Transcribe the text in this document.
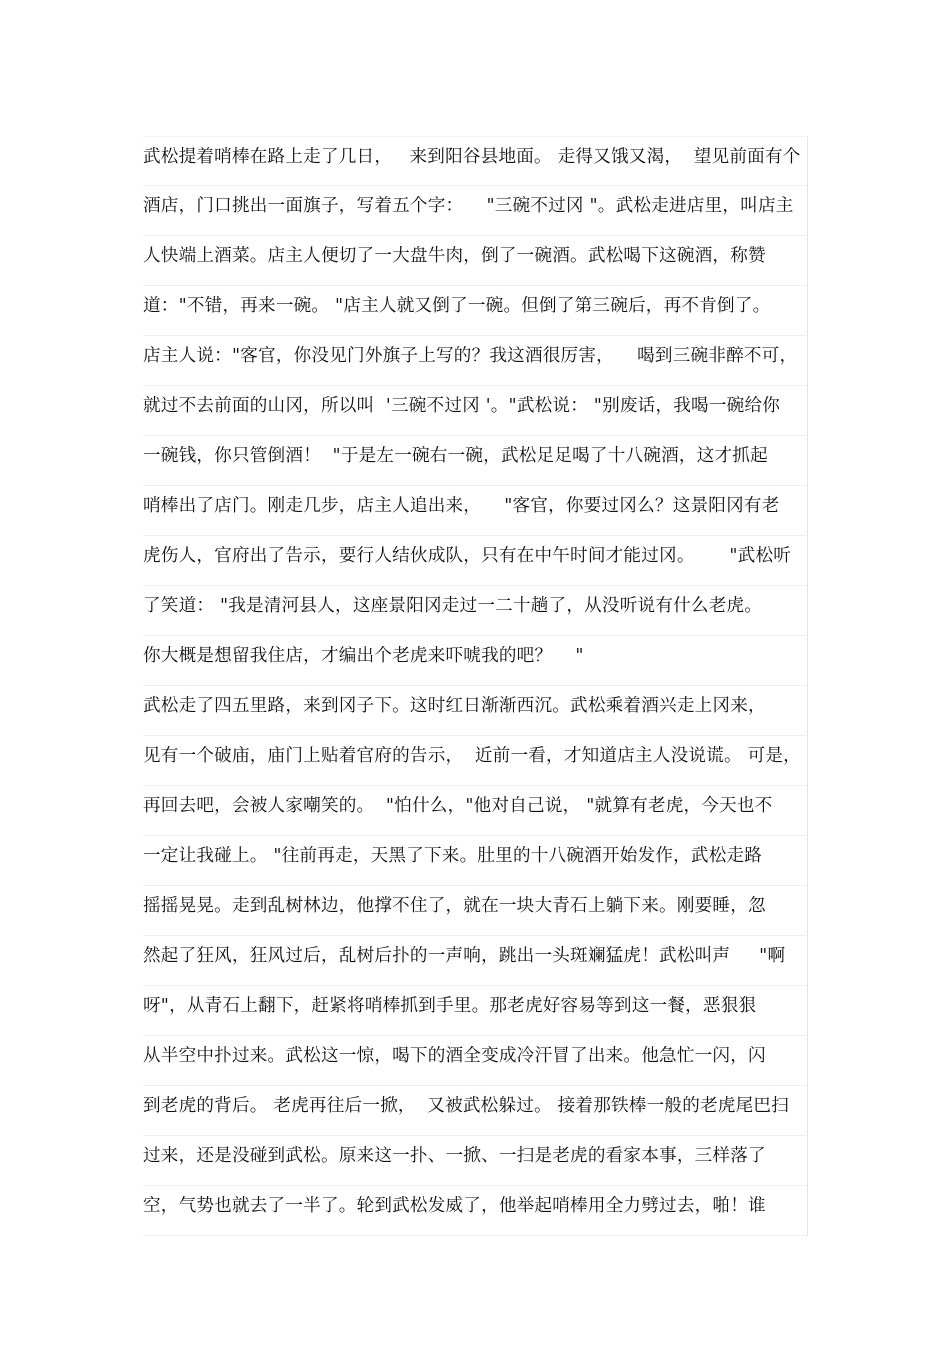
武松提着哨棒在路上走了几日，   来到阳谷县地面。 走得又饿又渴，  望见前面有个
酒店，门口挑出一面旗子，写着五个字：    "三碗不过冈 "。武松走进店里，叫店主
人快端上酒菜。店主人便切了一大盘牛肉，倒了一碗酒。武松喝下这碗酒，称赞
道："不错，再来一碗。 "店主人就又倒了一碗。但倒了第三碗后，再不肯倒了。
店主人说："客官，你没见门外旗子上写的？我这酒很厉害，    喝到三碗非醉不可，
就过不去前面的山冈，所以叫  '三碗不过冈 '。"武松说： "别废话，我喝一碗给你
一碗钱，你只管倒酒！  "于是左一碗右一碗，武松足足喝了十八碗酒，这才抓起
哨棒出了店门。刚走几步，店主人追出来，    "客官，你要过冈么？这景阳冈有老
虎伤人，官府出了告示，要行人结伙成队，只有在中午时间才能过冈。      "武松听
了笑道： "我是清河县人，这座景阳冈走过一二十趟了，从没听说有什么老虎。
你大概是想留我住店，才编出个老虎来吓唬我的吧？    "
武松走了四五里路，来到冈子下。这时红日渐渐西沉。武松乘着酒兴走上冈来，
见有一个破庙，庙门上贴着官府的告示，  近前一看，才知道店主人没说谎。 可是，
再回去吧，会被人家嘲笑的。  "怕什么，"他对自己说， "就算有老虎，今天也不
一定让我碰上。 "往前再走，天黑了下来。肚里的十八碗酒开始发作，武松走路
摇摇晃晃。走到乱树林边，他撑不住了，就在一块大青石上躺下来。刚要睡，忽
然起了狂风，狂风过后，乱树后扑的一声响，跳出一头斑斓猛虎！武松叫声     "啊
呀"，从青石上翻下，赶紧将哨棒抓到手里。那老虎好容易等到这一餐，恶狠狠
从半空中扑过来。武松这一惊，喝下的酒全变成冷汗冒了出来。他急忙一闪，闪
到老虎的背后。 老虎再往后一掀，  又被武松躲过。 接着那铁棒一般的老虎尾巴扫
过来，还是没碰到武松。原来这一扑、一掀、一扫是老虎的看家本事，三样落了
空，气势也就去了一半了。轮到武松发威了，他举起哨棒用全力劈过去，啪！谁
